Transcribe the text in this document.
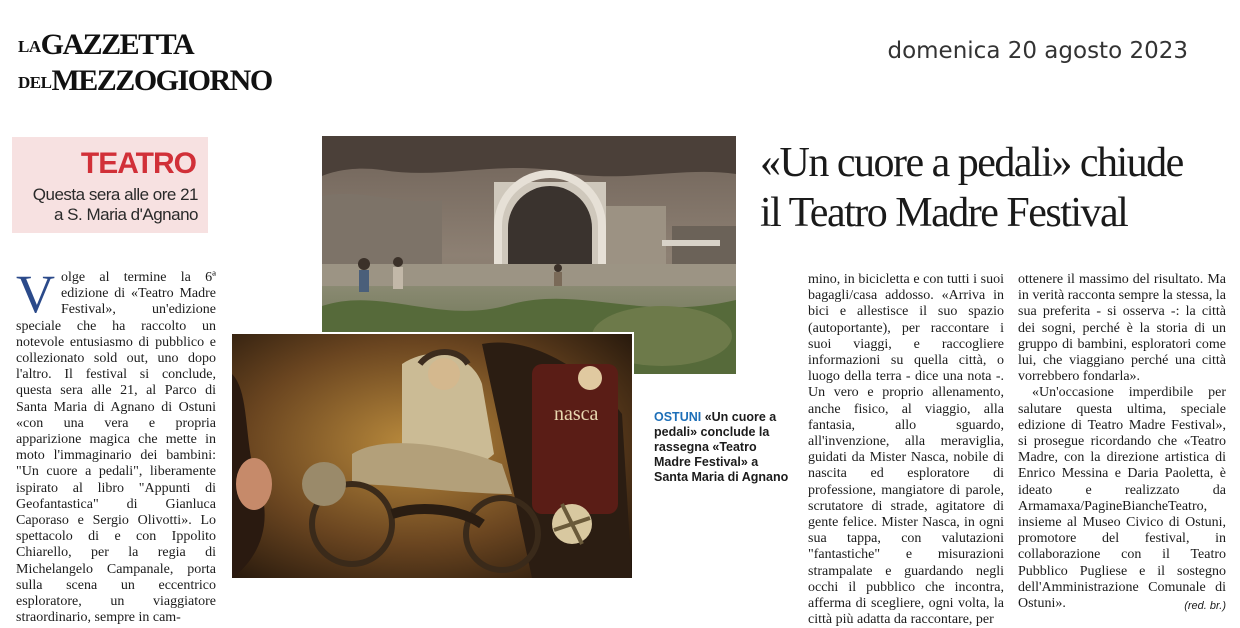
LAGAZZETTA
DELMEZZOGIORNO
domenica 20 agosto 2023
TEATRO
Questa sera alle ore 21
a S. Maria d'Agnano
«Un cuore a pedali» chiude
il Teatro Madre Festival
nasca	OSTUNI «Un cuore a pedali» conclude la rassegna «Teatro Madre Festival» a Santa Maria di Agnano
V olge al termine la 6ª edizione di «Teatro Madre Festival», un'edizione speciale che ha raccolto un notevole entusiasmo di pubblico e collezionato sold out, uno dopo l'altro. Il festival si conclude, questa sera alle 21, al Parco di Santa Maria di Agnano di Ostuni «con una vera e propria apparizione magica che mette in moto l'immaginario dei bambini: "Un cuore a pedali", liberamente ispirato al libro "Appunti di Geofantastica" di Gianluca Caporaso e Sergio Olivotti». Lo spettacolo di e con Ippolito Chiarello, per la regia di Michelangelo Campanale, porta sulla scena un eccentrico esploratore, un viaggiatore straordinario, sempre in cam-

mino, in bicicletta e con tutti i suoi bagagli/casa addosso. «Arriva in bici e allestisce il suo spazio (autoportante), per raccontare i suoi viaggi, e raccogliere informazioni su quella città, o luogo della terra - dice una nota -. Un vero e proprio allenamento, anche fisico, al viaggio, alla fantasia, allo sguardo, all'invenzione, alla meraviglia, guidati da Mister Nasca, nobile di nascita ed esploratore di professione, mangiatore di parole, scrutatore di strade, agitatore di gente felice. Mister Nasca, in ogni sua tappa, con valutazioni "fantastiche" e misurazioni strampalate e guardando negli occhi il pubblico che incontra, afferma di scegliere, ogni volta, la città più adatta da raccontare, per

ottenere il massimo del risultato. Ma in verità racconta sempre la stessa, la sua preferita - si osserva -: la città dei sogni, perché è la storia di un gruppo di bambini, esploratori come lui, che viaggiano perché una città vorrebbero fondarla».

«Un'occasione imperdibile per salutare questa ultima, speciale edizione di Teatro Madre Festival», si prosegue ricordando che «Teatro Madre, con la direzione artistica di Enrico Messina e Daria Paoletta, è ideato e realizzato da Armamaxa/PagineBiancheTeatro, insieme al Museo Civico di Ostuni, promotore del festival, in collaborazione con il Teatro Pubblico Pugliese e il sostegno dell'Amministrazione Comunale di Ostuni».	(red. br.)
